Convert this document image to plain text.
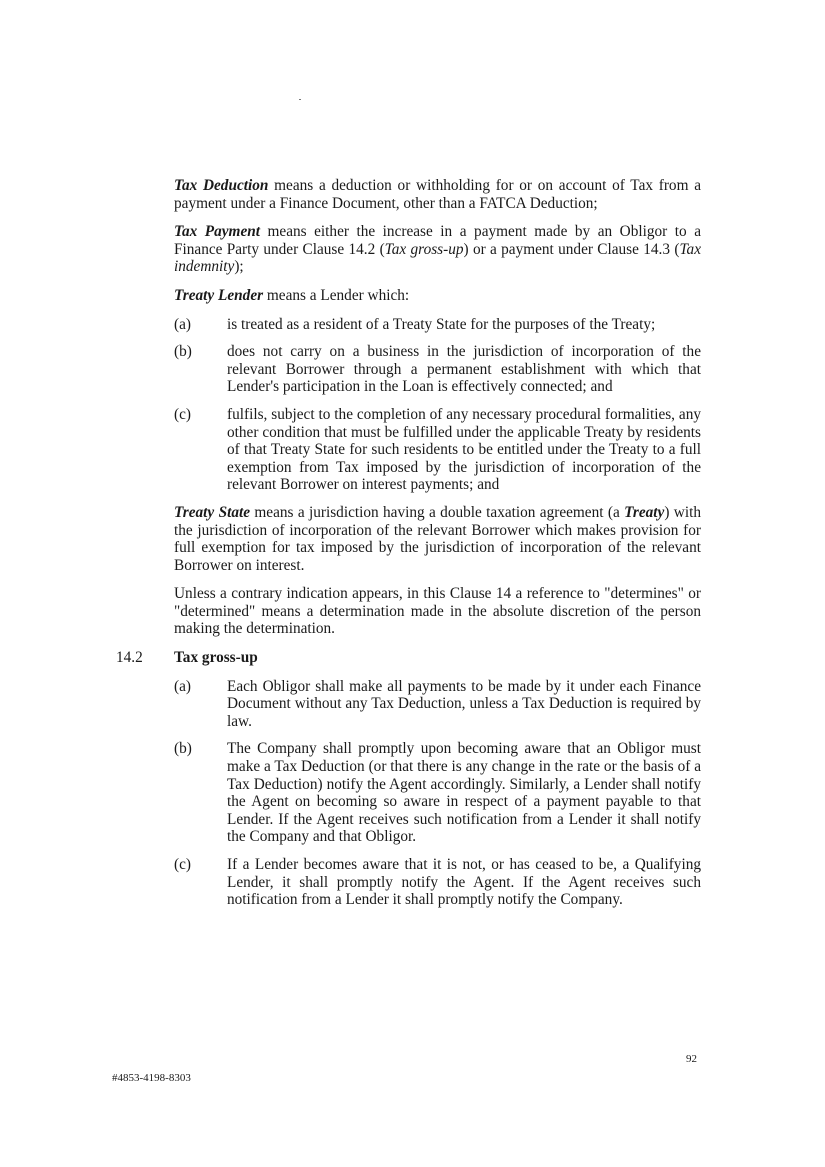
Tax Deduction means a deduction or withholding for or on account of Tax from a payment under a Finance Document, other than a FATCA Deduction;

Tax Payment means either the increase in a payment made by an Obligor to a Finance Party under Clause 14.2 (Tax gross-up) or a payment under Clause 14.3 (Tax indemnity);

Treaty Lender means a Lender which:

(a) is treated as a resident of a Treaty State for the purposes of the Treaty;
(b) does not carry on a business in the jurisdiction of incorporation of the relevant Borrower through a permanent establishment with which that Lender's participation in the Loan is effectively connected; and
(c) fulfils, subject to the completion of any necessary procedural formalities, any other condition that must be fulfilled under the applicable Treaty by residents of that Treaty State for such residents to be entitled under the Treaty to a full exemption from Tax imposed by the jurisdiction of incorporation of the relevant Borrower on interest payments; and

Treaty State means a jurisdiction having a double taxation agreement (a Treaty) with the jurisdiction of incorporation of the relevant Borrower which makes provision for full exemption for tax imposed by the jurisdiction of incorporation of the relevant Borrower on interest.

Unless a contrary indication appears, in this Clause 14 a reference to "determines" or "determined" means a determination made in the absolute discretion of the person making the determination.

14.2 Tax gross-up
(a) Each Obligor shall make all payments to be made by it under each Finance Document without any Tax Deduction, unless a Tax Deduction is required by law.
(b) The Company shall promptly upon becoming aware that an Obligor must make a Tax Deduction (or that there is any change in the rate or the basis of a Tax Deduction) notify the Agent accordingly. Similarly, a Lender shall notify the Agent on becoming so aware in respect of a payment payable to that Lender. If the Agent receives such notification from a Lender it shall notify the Company and that Obligor.
(c) If a Lender becomes aware that it is not, or has ceased to be, a Qualifying Lender, it shall promptly notify the Agent. If the Agent receives such notification from a Lender it shall promptly notify the Company.
92
#4853-4198-8303
